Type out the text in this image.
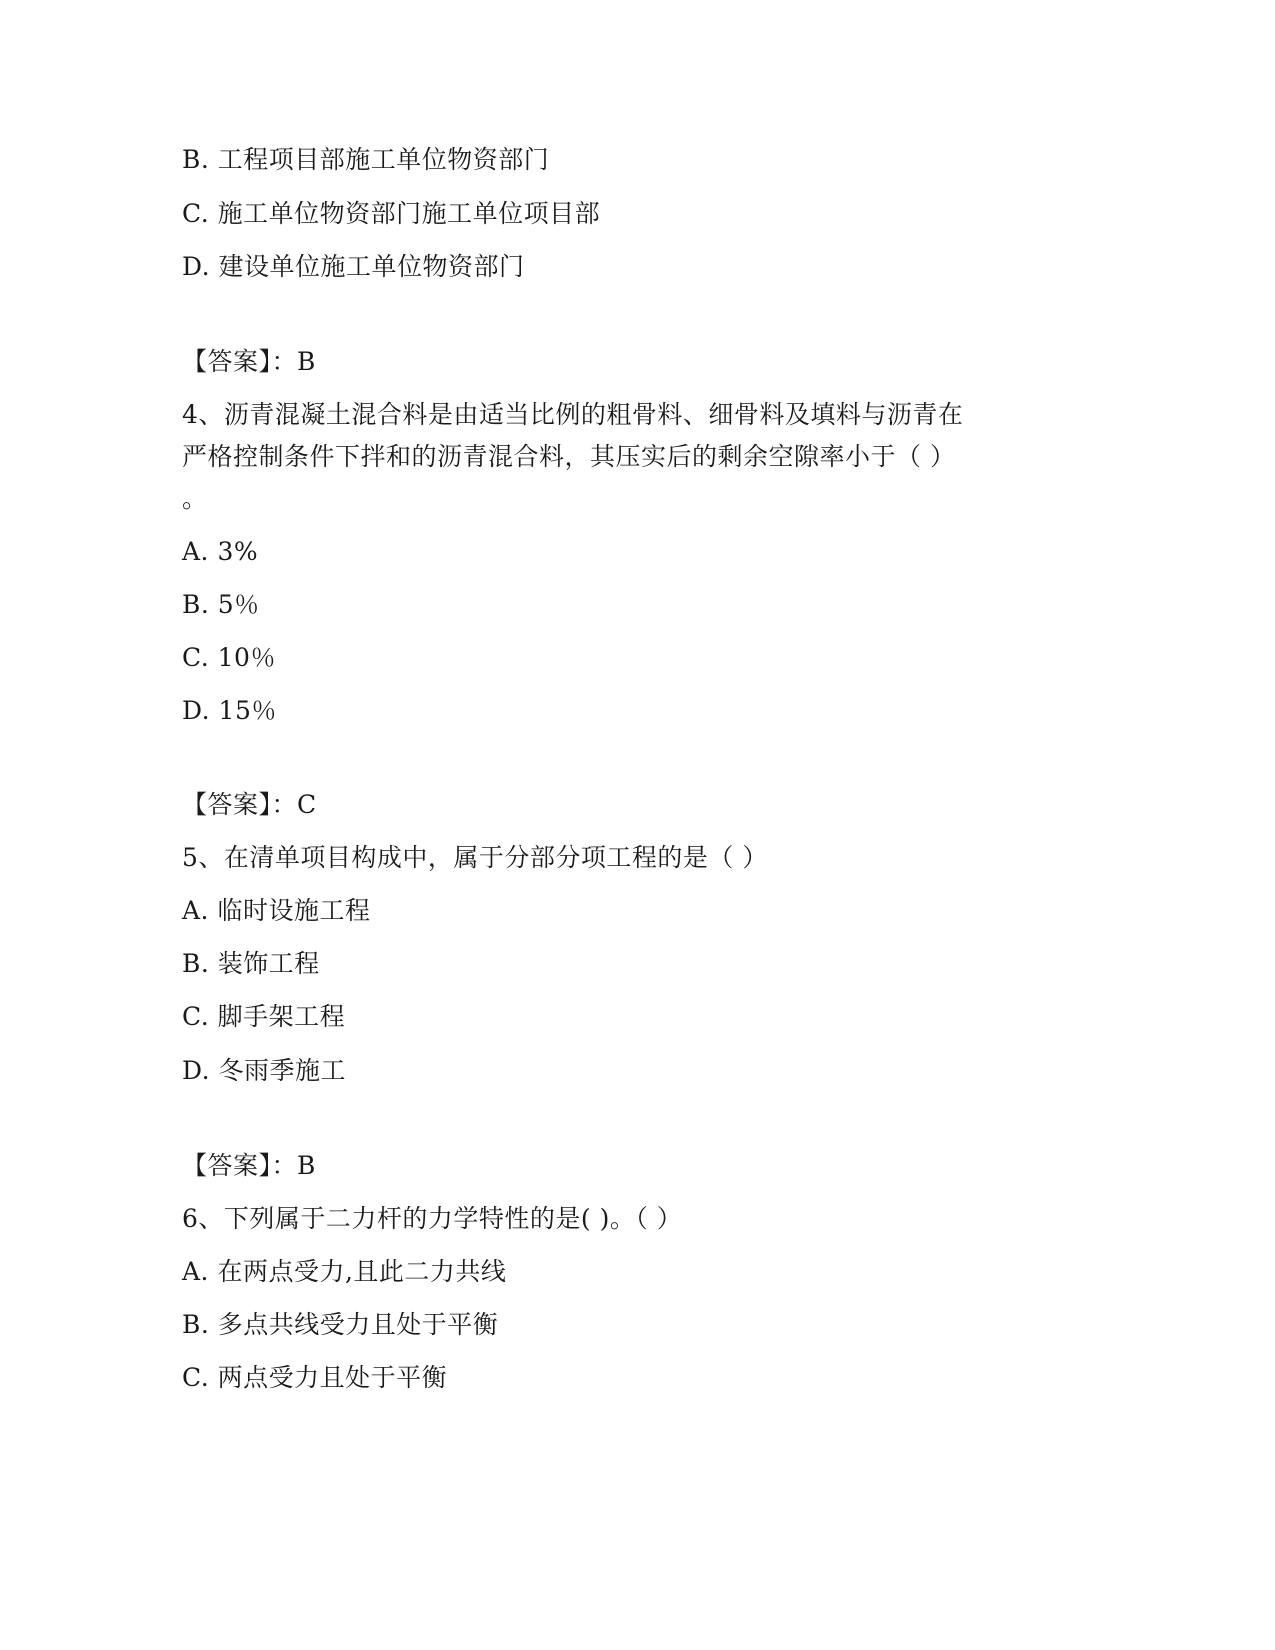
B. 工程项目部施工单位物资部门

C. 施工单位物资部门施工单位项目部

D. 建设单位施工单位物资部门

【答案】：B

4、沥青混凝土混合料是由适当比例的粗骨料、细骨料及填料与沥青在

严格控制条件下拌和的沥青混合料，其压实后的剩余空隙率小于（ ）

。

A. 3%

B. 5％

C. 10％

D. 15％

【答案】：C

5、在清单项目构成中，属于分部分项工程的是（ ）

A. 临时设施工程

B. 装饰工程

C. 脚手架工程

D. 冬雨季施工

【答案】：B

6、下列属于二力杆的力学特性的是( )。（ ）

A. 在两点受力,且此二力共线

B. 多点共线受力且处于平衡

C. 两点受力且处于平衡
